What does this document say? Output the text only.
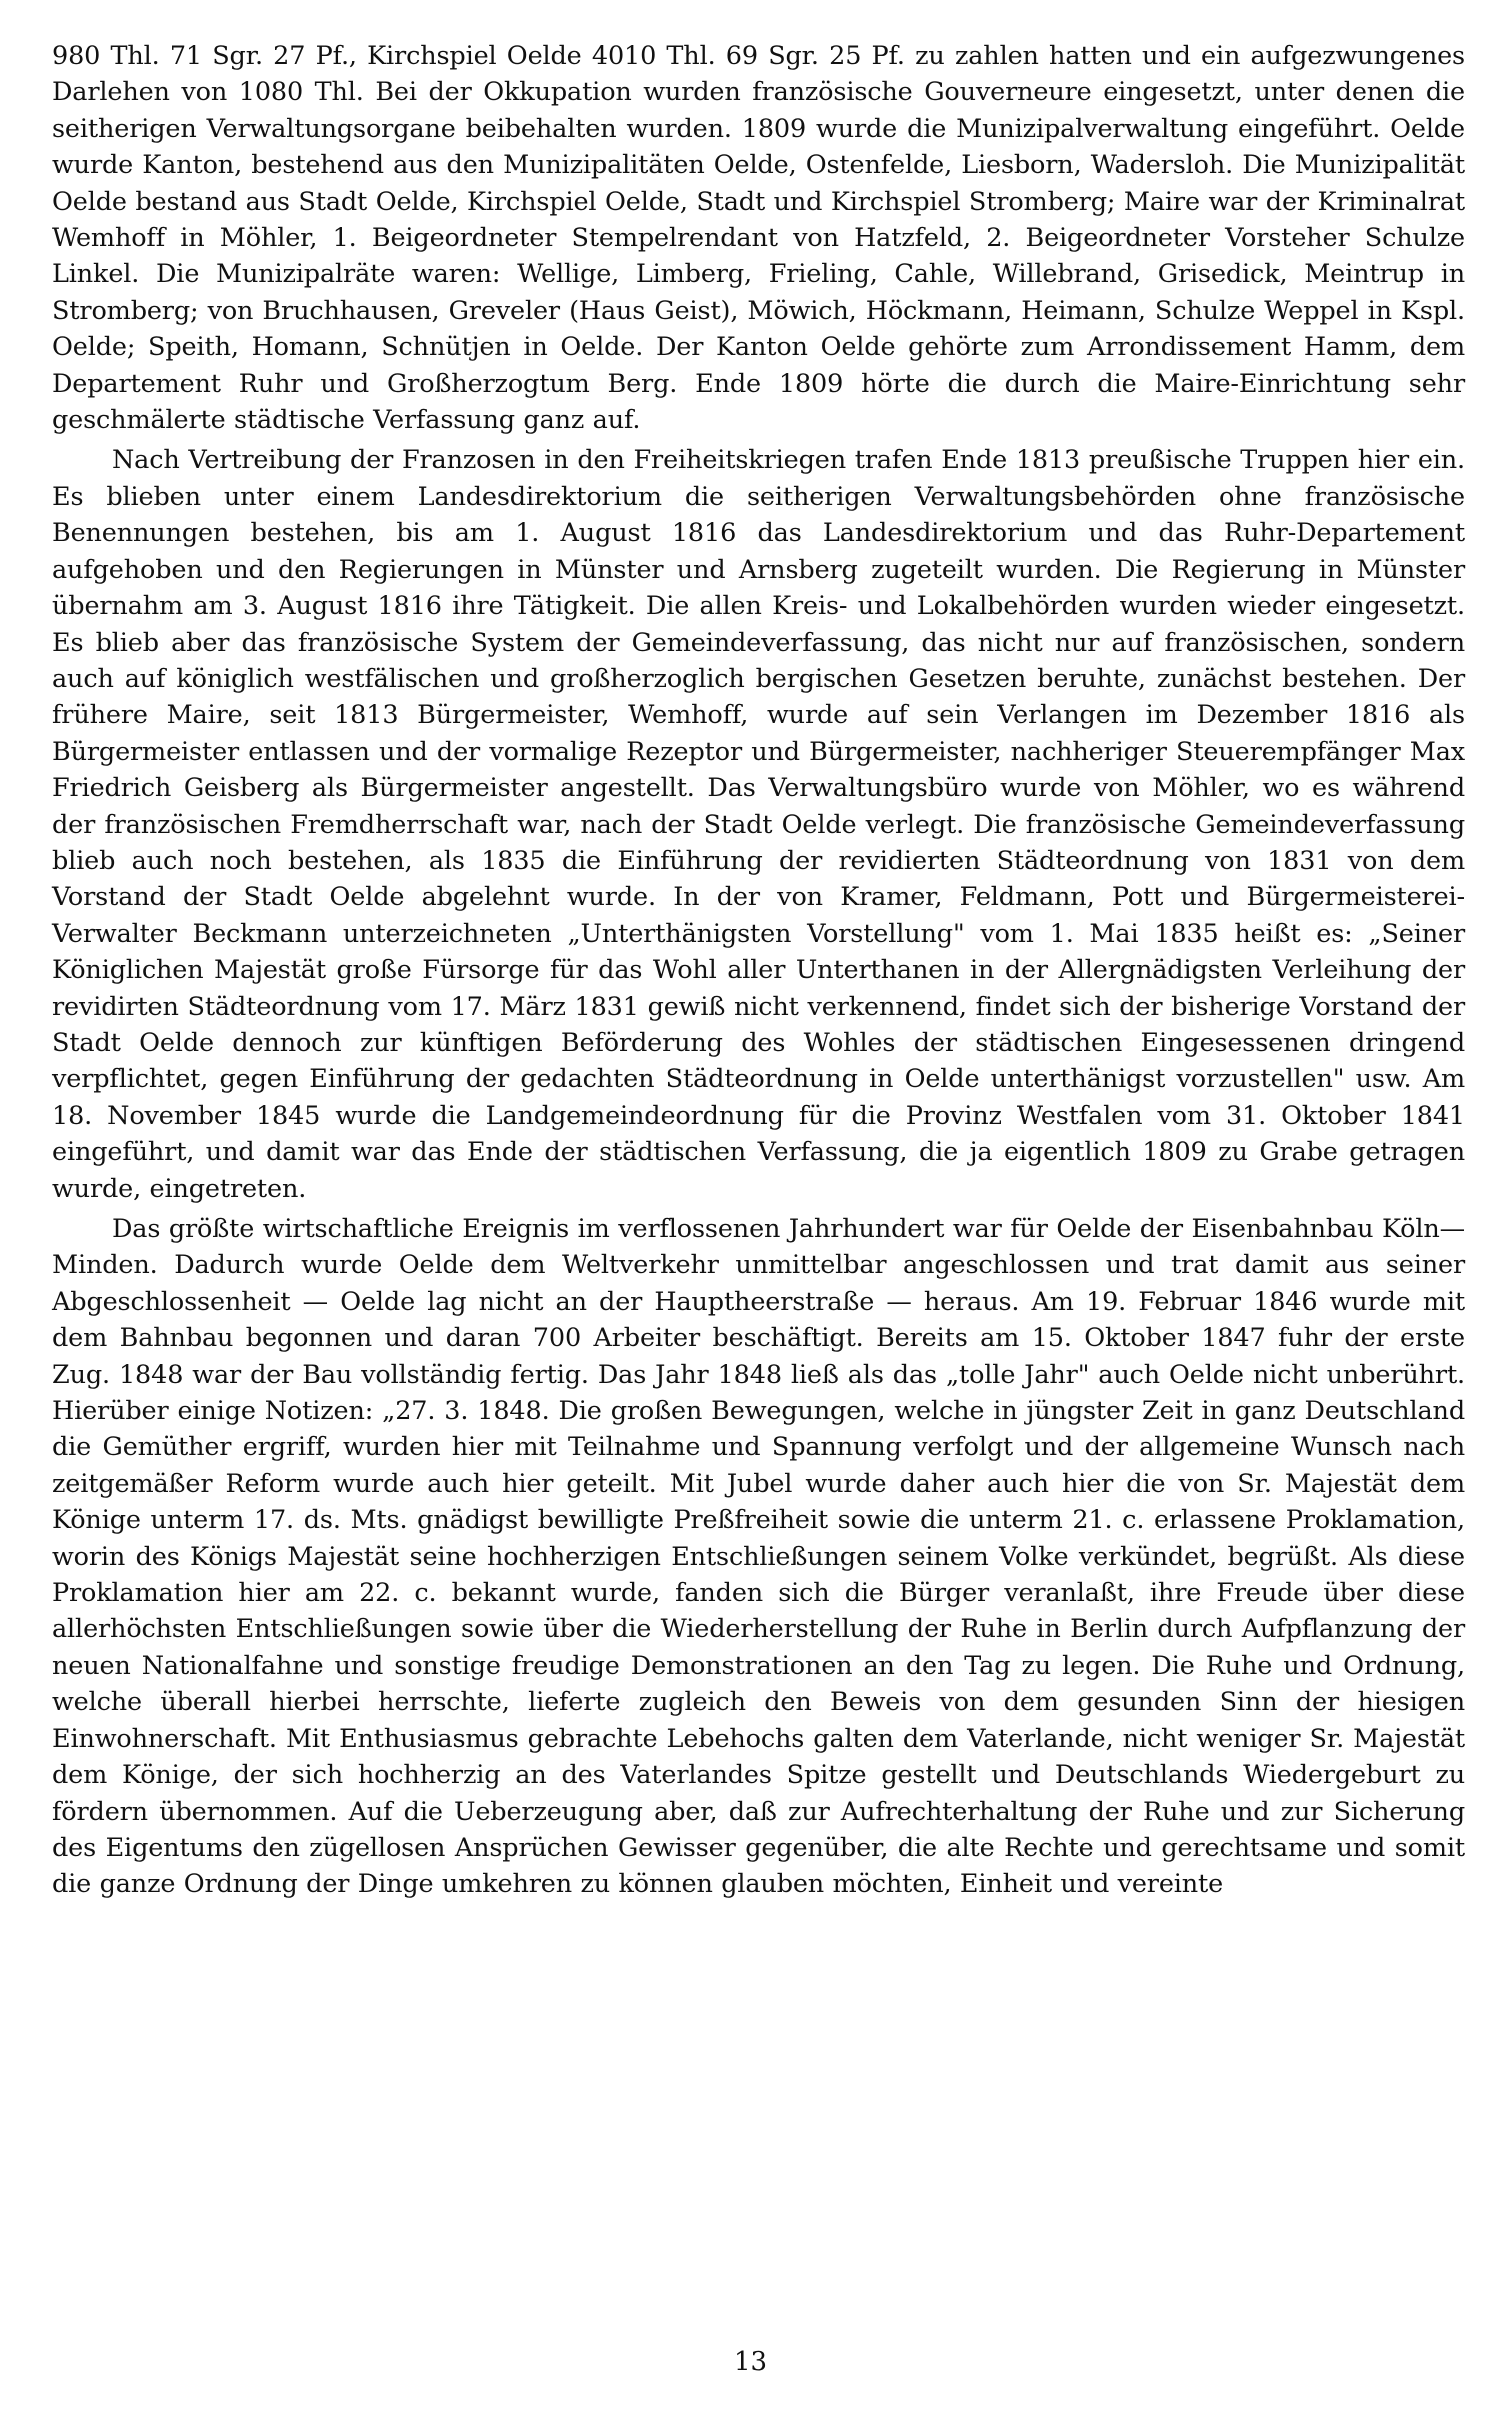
980 Thl. 71 Sgr. 27 Pf., Kirchspiel Oelde 4010 Thl. 69 Sgr. 25 Pf. zu zahlen hatten und ein aufgezwungenes Darlehen von 1080 Thl. Bei der Okkupation wurden französische Gouverneure eingesetzt, unter denen die seitherigen Verwaltungsorgane beibehalten wurden. 1809 wurde die Munizipalverwaltung eingeführt. Oelde wurde Kanton, bestehend aus den Munizipalitäten Oelde, Ostenfelde, Liesborn, Wadersloh. Die Munizipalität Oelde bestand aus Stadt Oelde, Kirchspiel Oelde, Stadt und Kirchspiel Stromberg; Maire war der Kriminalrat Wemhoff in Möhler, 1. Beigeordneter Stempelrendant von Hatzfeld, 2. Beigeordneter Vorsteher Schulze Linkel. Die Munizipalräte waren: Wellige, Limberg, Frieling, Cahle, Willebrand, Grisedick, Meintrup in Stromberg; von Bruchhausen, Greveler (Haus Geist), Möwich, Höckmann, Heimann, Schulze Weppel in Kspl. Oelde; Speith, Homann, Schnütjen in Oelde. Der Kanton Oelde gehörte zum Arrondissement Hamm, dem Departement Ruhr und Großherzogtum Berg. Ende 1809 hörte die durch die Maire-Einrichtung sehr geschmälerte städtische Verfassung ganz auf.

Nach Vertreibung der Franzosen in den Freiheitskriegen trafen Ende 1813 preußische Truppen hier ein. Es blieben unter einem Landesdirektorium die seitherigen Verwaltungsbehörden ohne französische Benennungen bestehen, bis am 1. August 1816 das Landesdirektorium und das Ruhr-Departement aufgehoben und den Regierungen in Münster und Arnsberg zugeteilt wurden. Die Regierung in Münster übernahm am 3. August 1816 ihre Tätigkeit. Die allen Kreis- und Lokalbehörden wurden wieder eingesetzt. Es blieb aber das französische System der Gemeindeverfassung, das nicht nur auf französischen, sondern auch auf königlich westfälischen und großherzoglich bergischen Gesetzen beruhte, zunächst bestehen. Der frühere Maire, seit 1813 Bürgermeister, Wemhoff, wurde auf sein Verlangen im Dezember 1816 als Bürgermeister entlassen und der vormalige Rezeptor und Bürgermeister, nachheriger Steuerempfänger Max Friedrich Geisberg als Bürgermeister angestellt. Das Verwaltungsbüro wurde von Möhler, wo es während der französischen Fremdherrschaft war, nach der Stadt Oelde verlegt. Die französische Gemeindeverfassung blieb auch noch bestehen, als 1835 die Einführung der revidierten Städteordnung von 1831 von dem Vorstand der Stadt Oelde abgelehnt wurde. In der von Kramer, Feldmann, Pott und Bürgermeisterei-Verwalter Beckmann unterzeichneten „Unterthänigsten Vorstellung" vom 1. Mai 1835 heißt es: „Seiner Königlichen Majestät große Fürsorge für das Wohl aller Unterthanen in der Allergnädigsten Verleihung der revidirten Städteordnung vom 17. März 1831 gewiß nicht verkennend, findet sich der bisherige Vorstand der Stadt Oelde dennoch zur künftigen Beförderung des Wohles der städtischen Eingesessenen dringend verpflichtet, gegen Einführung der gedachten Städteordnung in Oelde unterthänigst vorzustellen" usw. Am 18. November 1845 wurde die Landgemeindeordnung für die Provinz Westfalen vom 31. Oktober 1841 eingeführt, und damit war das Ende der städtischen Verfassung, die ja eigentlich 1809 zu Grabe getragen wurde, eingetreten.

Das größte wirtschaftliche Ereignis im verflossenen Jahrhundert war für Oelde der Eisenbahnbau Köln—Minden. Dadurch wurde Oelde dem Weltverkehr unmittelbar angeschlossen und trat damit aus seiner Abgeschlossenheit — Oelde lag nicht an der Hauptheerstraße — heraus. Am 19. Februar 1846 wurde mit dem Bahnbau begonnen und daran 700 Arbeiter beschäftigt. Bereits am 15. Oktober 1847 fuhr der erste Zug. 1848 war der Bau vollständig fertig. Das Jahr 1848 ließ als das „tolle Jahr" auch Oelde nicht unberührt. Hierüber einige Notizen: „27. 3. 1848. Die großen Bewegungen, welche in jüngster Zeit in ganz Deutschland die Gemüther ergriff, wurden hier mit Teilnahme und Spannung verfolgt und der allgemeine Wunsch nach zeitgemäßer Reform wurde auch hier geteilt. Mit Jubel wurde daher auch hier die von Sr. Majestät dem Könige unterm 17. ds. Mts. gnädigst bewilligte Preßfreiheit sowie die unterm 21. c. erlassene Proklamation, worin des Königs Majestät seine hochherzigen Entschließungen seinem Volke verkündet, begrüßt. Als diese Proklamation hier am 22. c. bekannt wurde, fanden sich die Bürger veranlaßt, ihre Freude über diese allerhöchsten Entschließungen sowie über die Wiederherstellung der Ruhe in Berlin durch Aufpflanzung der neuen Nationalfahne und sonstige freudige Demonstrationen an den Tag zu legen. Die Ruhe und Ordnung, welche überall hierbei herrschte, lieferte zugleich den Beweis von dem gesunden Sinn der hiesigen Einwohnerschaft. Mit Enthusiasmus gebrachte Lebehochs galten dem Vaterlande, nicht weniger Sr. Majestät dem Könige, der sich hochherzig an des Vaterlandes Spitze gestellt und Deutschlands Wiedergeburt zu fördern übernommen. Auf die Ueberzeugung aber, daß zur Aufrechterhaltung der Ruhe und zur Sicherung des Eigentums den zügellosen Ansprüchen Gewisser gegenüber, die alte Rechte und gerechtsame und somit die ganze Ordnung der Dinge umkehren zu können glauben möchten, Einheit und vereinte

13
